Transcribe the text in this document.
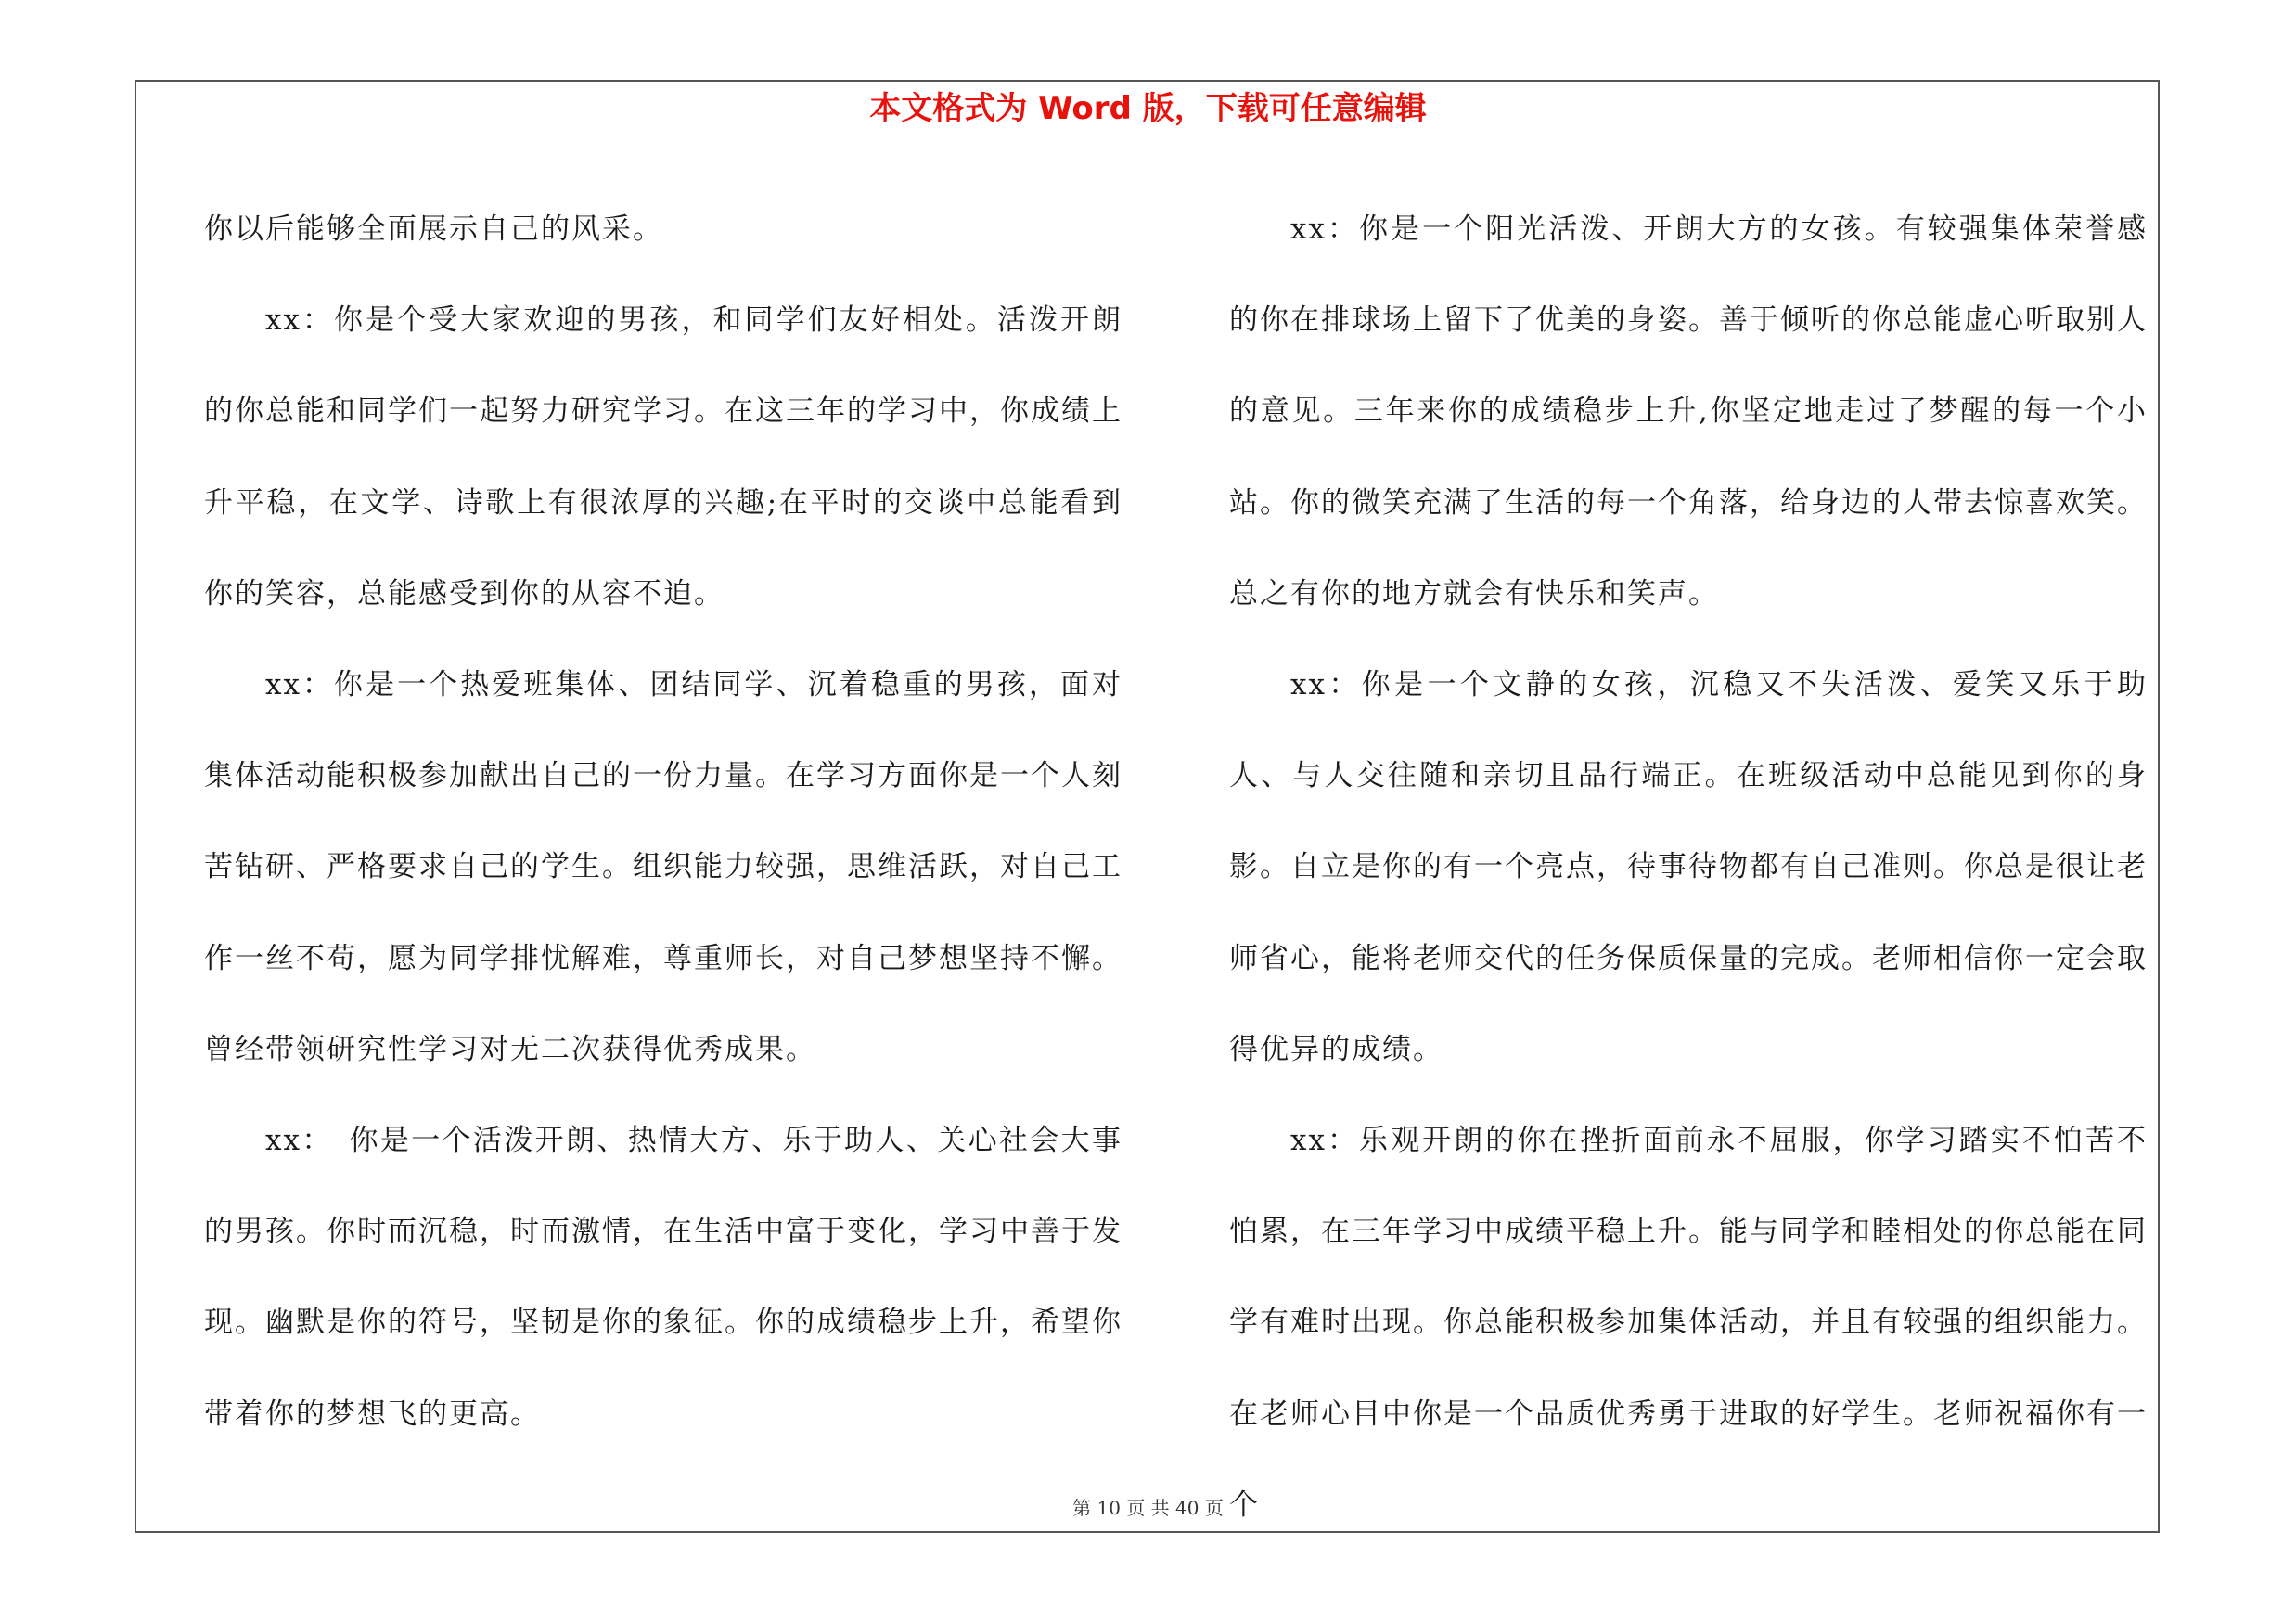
本文格式为 Word 版，下载可任意编辑

你以后能够全面展示自己的风采。

xx：你是个受大家欢迎的男孩，和同学们友好相处。活泼开朗的你总能和同学们一起努力研究学习。在这三年的学习中，你成绩上升平稳，在文学、诗歌上有很浓厚的兴趣;在平时的交谈中总能看到你的笑容，总能感受到你的从容不迫。

xx：你是一个热爱班集体、团结同学、沉着稳重的男孩，面对集体活动能积极参加献出自己的一份力量。在学习方面你是一个人刻苦钻研、严格要求自己的学生。组织能力较强，思维活跃，对自己工作一丝不苟，愿为同学排忧解难，尊重师长，对自己梦想坚持不懈。曾经带领研究性学习对无二次获得优秀成果。

xx：　你是一个活泼开朗、热情大方、乐于助人、关心社会大事的男孩。你时而沉稳，时而激情，在生活中富于变化，学习中善于发现。幽默是你的符号，坚韧是你的象征。你的成绩稳步上升，希望你带着你的梦想飞的更高。

xx：你是一个阳光活泼、开朗大方的女孩。有较强集体荣誉感的你在排球场上留下了优美的身姿。善于倾听的你总能虚心听取别人的意见。三年来你的成绩稳步上升,你坚定地走过了梦醒的每一个小站。你的微笑充满了生活的每一个角落，给身边的人带去惊喜欢笑。总之有你的地方就会有快乐和笑声。

xx：你是一个文静的女孩，沉稳又不失活泼、爱笑又乐于助人、与人交往随和亲切且品行端正。在班级活动中总能见到你的身影。自立是你的有一个亮点，待事待物都有自己准则。你总是很让老师省心，能将老师交代的任务保质保量的完成。老师相信你一定会取得优异的成绩。

xx：乐观开朗的你在挫折面前永不屈服，你学习踏实不怕苦不怕累，在三年学习中成绩平稳上升。能与同学和睦相处的你总能在同学有难时出现。你总能积极参加集体活动，并且有较强的组织能力。在老师心目中你是一个品质优秀勇于进取的好学生。老师祝福你有一个

第 10 页 共 40 页
